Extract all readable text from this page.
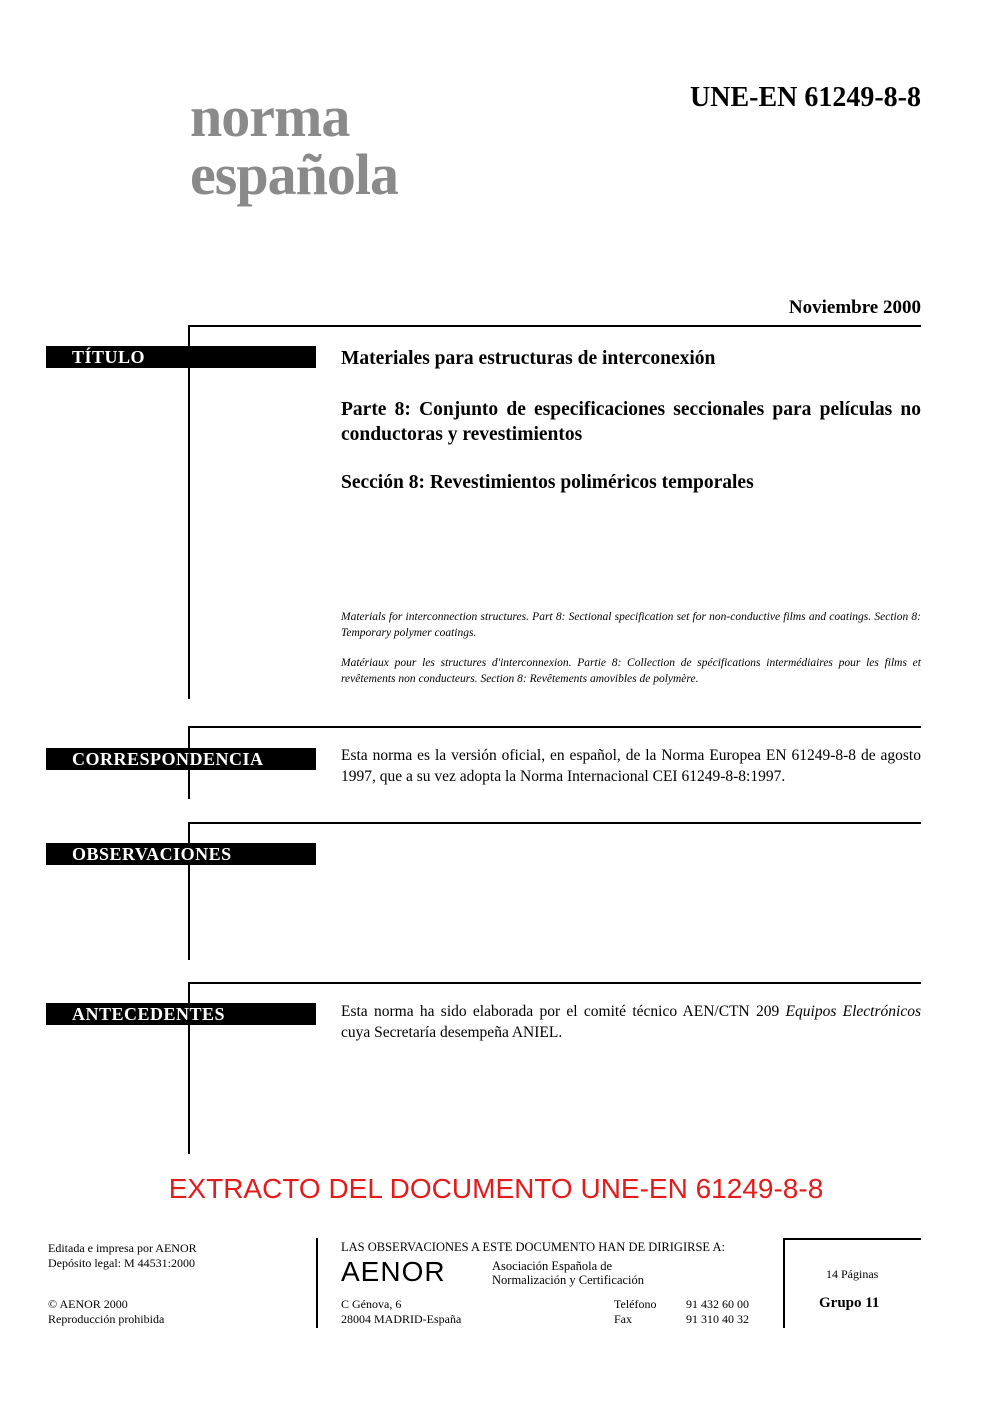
norma
española
UNE-EN 61249-8-8
Noviembre 2000
TÍTULO	Materiales para estructuras de interconexión
Parte 8: Conjunto de especificaciones seccionales para películas no conductoras y revestimientos
Sección 8: Revestimientos poliméricos temporales
Materials for interconnection structures. Part 8: Sectional specification set for non-conductive films and coatings. Section 8: Temporary polymer coatings.
Matériaux pour les structures d'interconnexion. Partie 8: Collection de spécifications intermédiaires pour les films et revêtements non conducteurs. Section 8: Revêtements amovibles de polymère.
CORRESPONDENCIA	Esta norma es la versión oficial, en español, de la Norma Europea EN 61249-8-8 de agosto 1997, que a su vez adopta la Norma Internacional CEI 61249-8-8:1997.
OBSERVACIONES
ANTECEDENTES	Esta norma ha sido elaborada por el comité técnico AEN/CTN 209 Equipos Electrónicos cuya Secretaría desempeña ANIEL.
EXTRACTO DEL DOCUMENTO UNE-EN 61249-8-8
Editada e impresa por AENOR
Depósito legal: M 44531:2000
© AENOR 2000
Reproducción prohibida
LAS OBSERVACIONES A ESTE DOCUMENTO HAN DE DIRIGIRSE A:
AENOR	Asociación Española de
Normalización y Certificación
C Génova, 6
28004 MADRID-España
Teléfono 91 432 60 00
Fax	91 310 40 32
14 Páginas
Grupo 11
